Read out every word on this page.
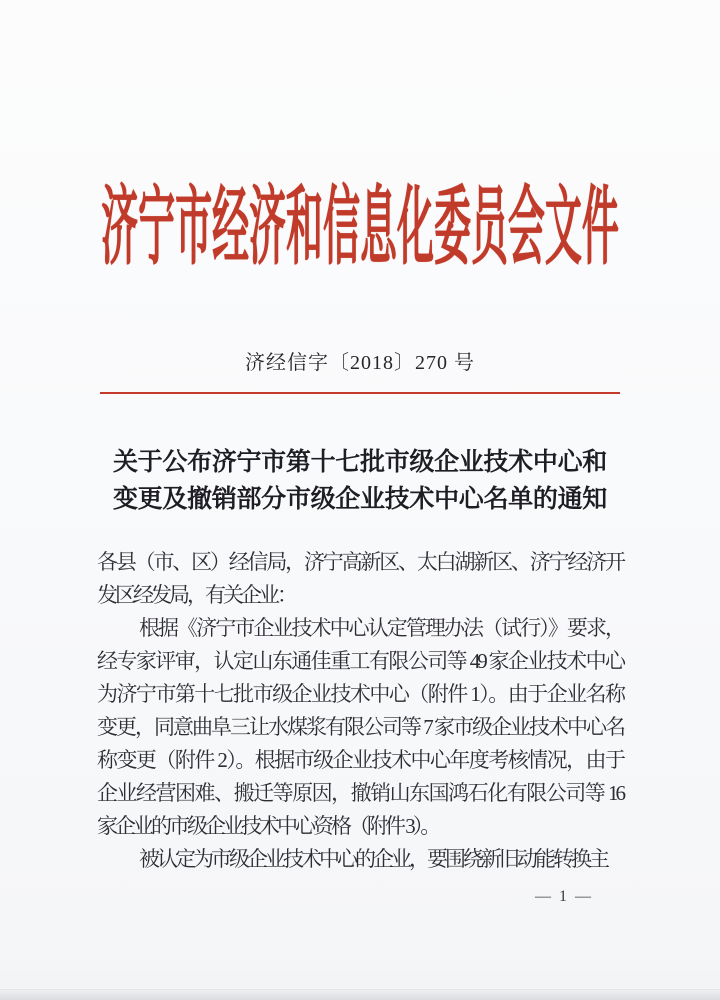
济宁市经济和信息化委员会文件
济经信字〔2018〕270 号
关于公布济宁市第十七批市级企业技术中心和
变更及撤销部分市级企业技术中心名单的通知
各县（市、区）经信局，济宁高新区、太白湖新区、济宁经济开
发区经发局，有关企业：
根据《济宁市企业技术中心认定管理办法（试行）》要求，
经专家评审，认定山东通佳重工有限公司等 49 家企业技术中心
为济宁市第十七批市级企业技术中心（附件 1）。由于企业名称
变更，同意曲阜三让水煤浆有限公司等 7 家市级企业技术中心名
称变更（附件 2）。根据市级企业技术中心年度考核情况，由于
企业经营困难、搬迁等原因，撤销山东国鸿石化有限公司等 16
家企业的市级企业技术中心资格（附件 3）。
被认定为市级企业技术中心的企业，要围绕新旧动能转换主
— 1 —
